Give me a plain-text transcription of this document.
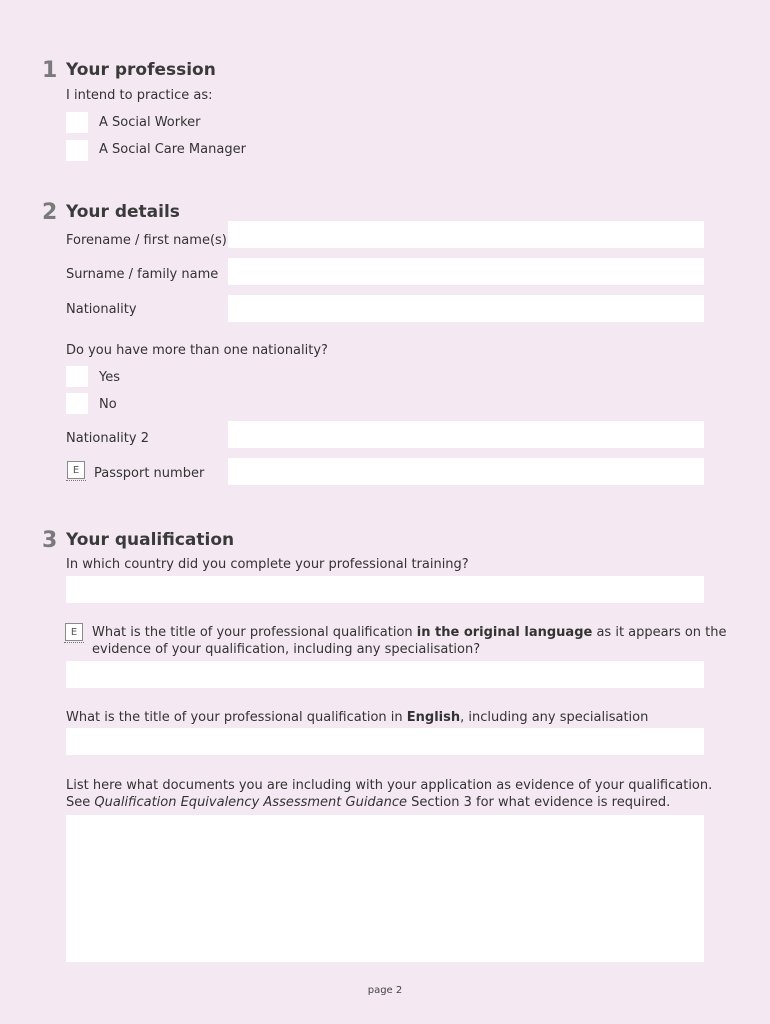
1 Your profession
I intend to practice as:
A Social Worker
A Social Care Manager
2 Your details
Forename / first name(s)
Surname / family name
Nationality
Do you have more than one nationality?
Yes
No
Nationality 2
E	Passport number
3 Your qualification
In which country did you complete your professional training?
E	What is the title of your professional qualification in the original language as it appears on the
evidence of your qualification, including any specialisation?
What is the title of your professional qualification in English, including any specialisation
List here what documents you are including with your application as evidence of your qualification.
See Qualification Equivalency Assessment Guidance Section 3 for what evidence is required.
page 2
